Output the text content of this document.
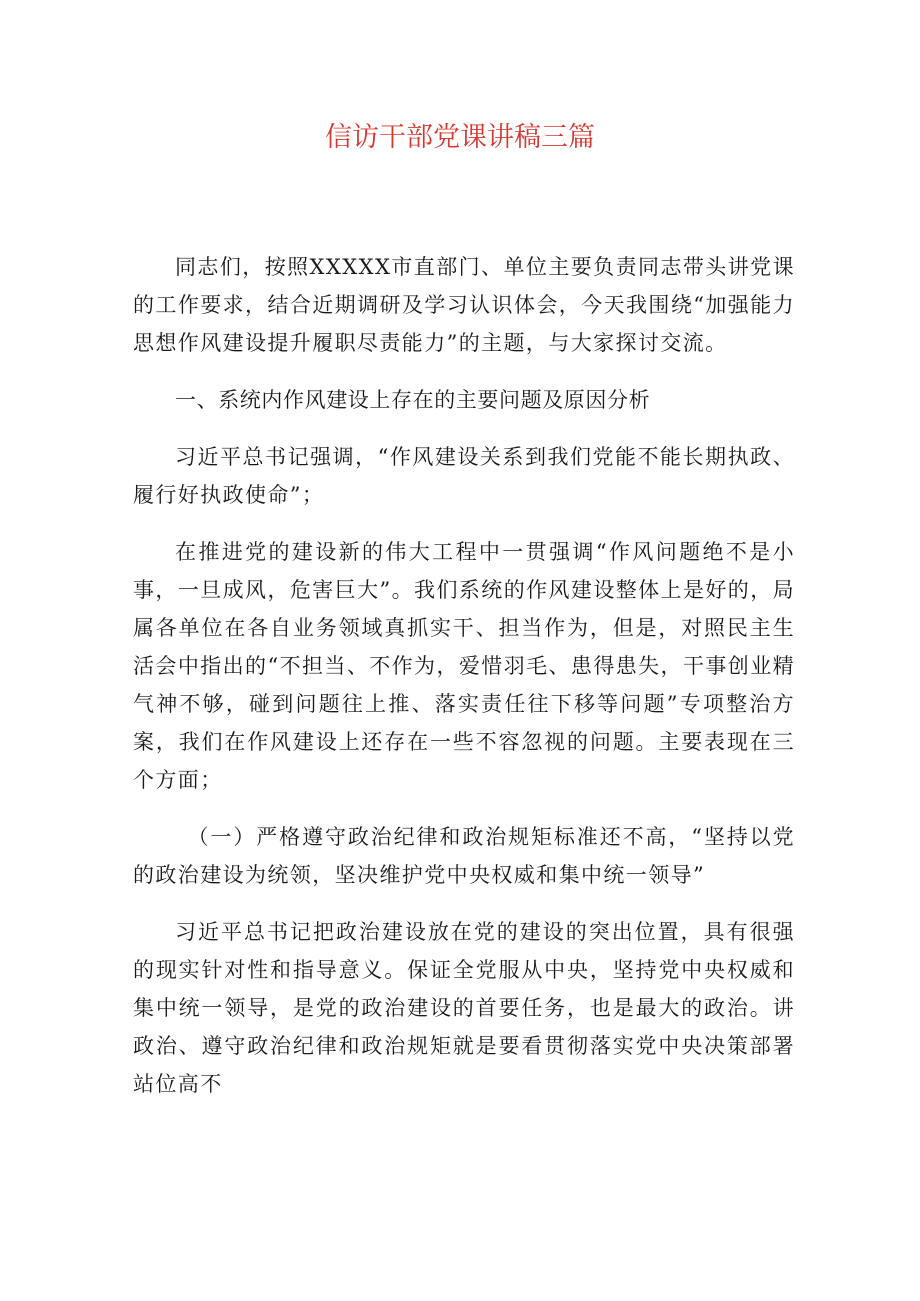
信访干部党课讲稿三篇

同志们，按照XXXXX市直部门、单位主要负责同志带头讲党课的工作要求，结合近期调研及学习认识体会，今天我围绕“加强能力思想作风建设提升履职尽责能力”的主题，与大家探讨交流。

一、系统内作风建设上存在的主要问题及原因分析

习近平总书记强调，“作风建设关系到我们党能不能长期执政、履行好执政使命”；

在推进党的建设新的伟大工程中一贯强调“作风问题绝不是小事，一旦成风，危害巨大”。我们系统的作风建设整体上是好的，局属各单位在各自业务领域真抓实干、担当作为，但是，对照民主生活会中指出的“不担当、不作为，爱惜羽毛、患得患失，干事创业精气神不够，碰到问题往上推、落实责任往下移等问题”专项整治方案，我们在作风建设上还存在一些不容忽视的问题。主要表现在三个方面；

（一）严格遵守政治纪律和政治规矩标准还不高，“坚持以党的政治建设为统领，坚决维护党中央权威和集中统一领导”

习近平总书记把政治建设放在党的建设的突出位置，具有很强的现实针对性和指导意义。保证全党服从中央，坚持党中央权威和集中统一领导，是党的政治建设的首要任务，也是最大的政治。讲政治、遵守政治纪律和政治规矩就是要看贯彻落实党中央决策部署站位高不
